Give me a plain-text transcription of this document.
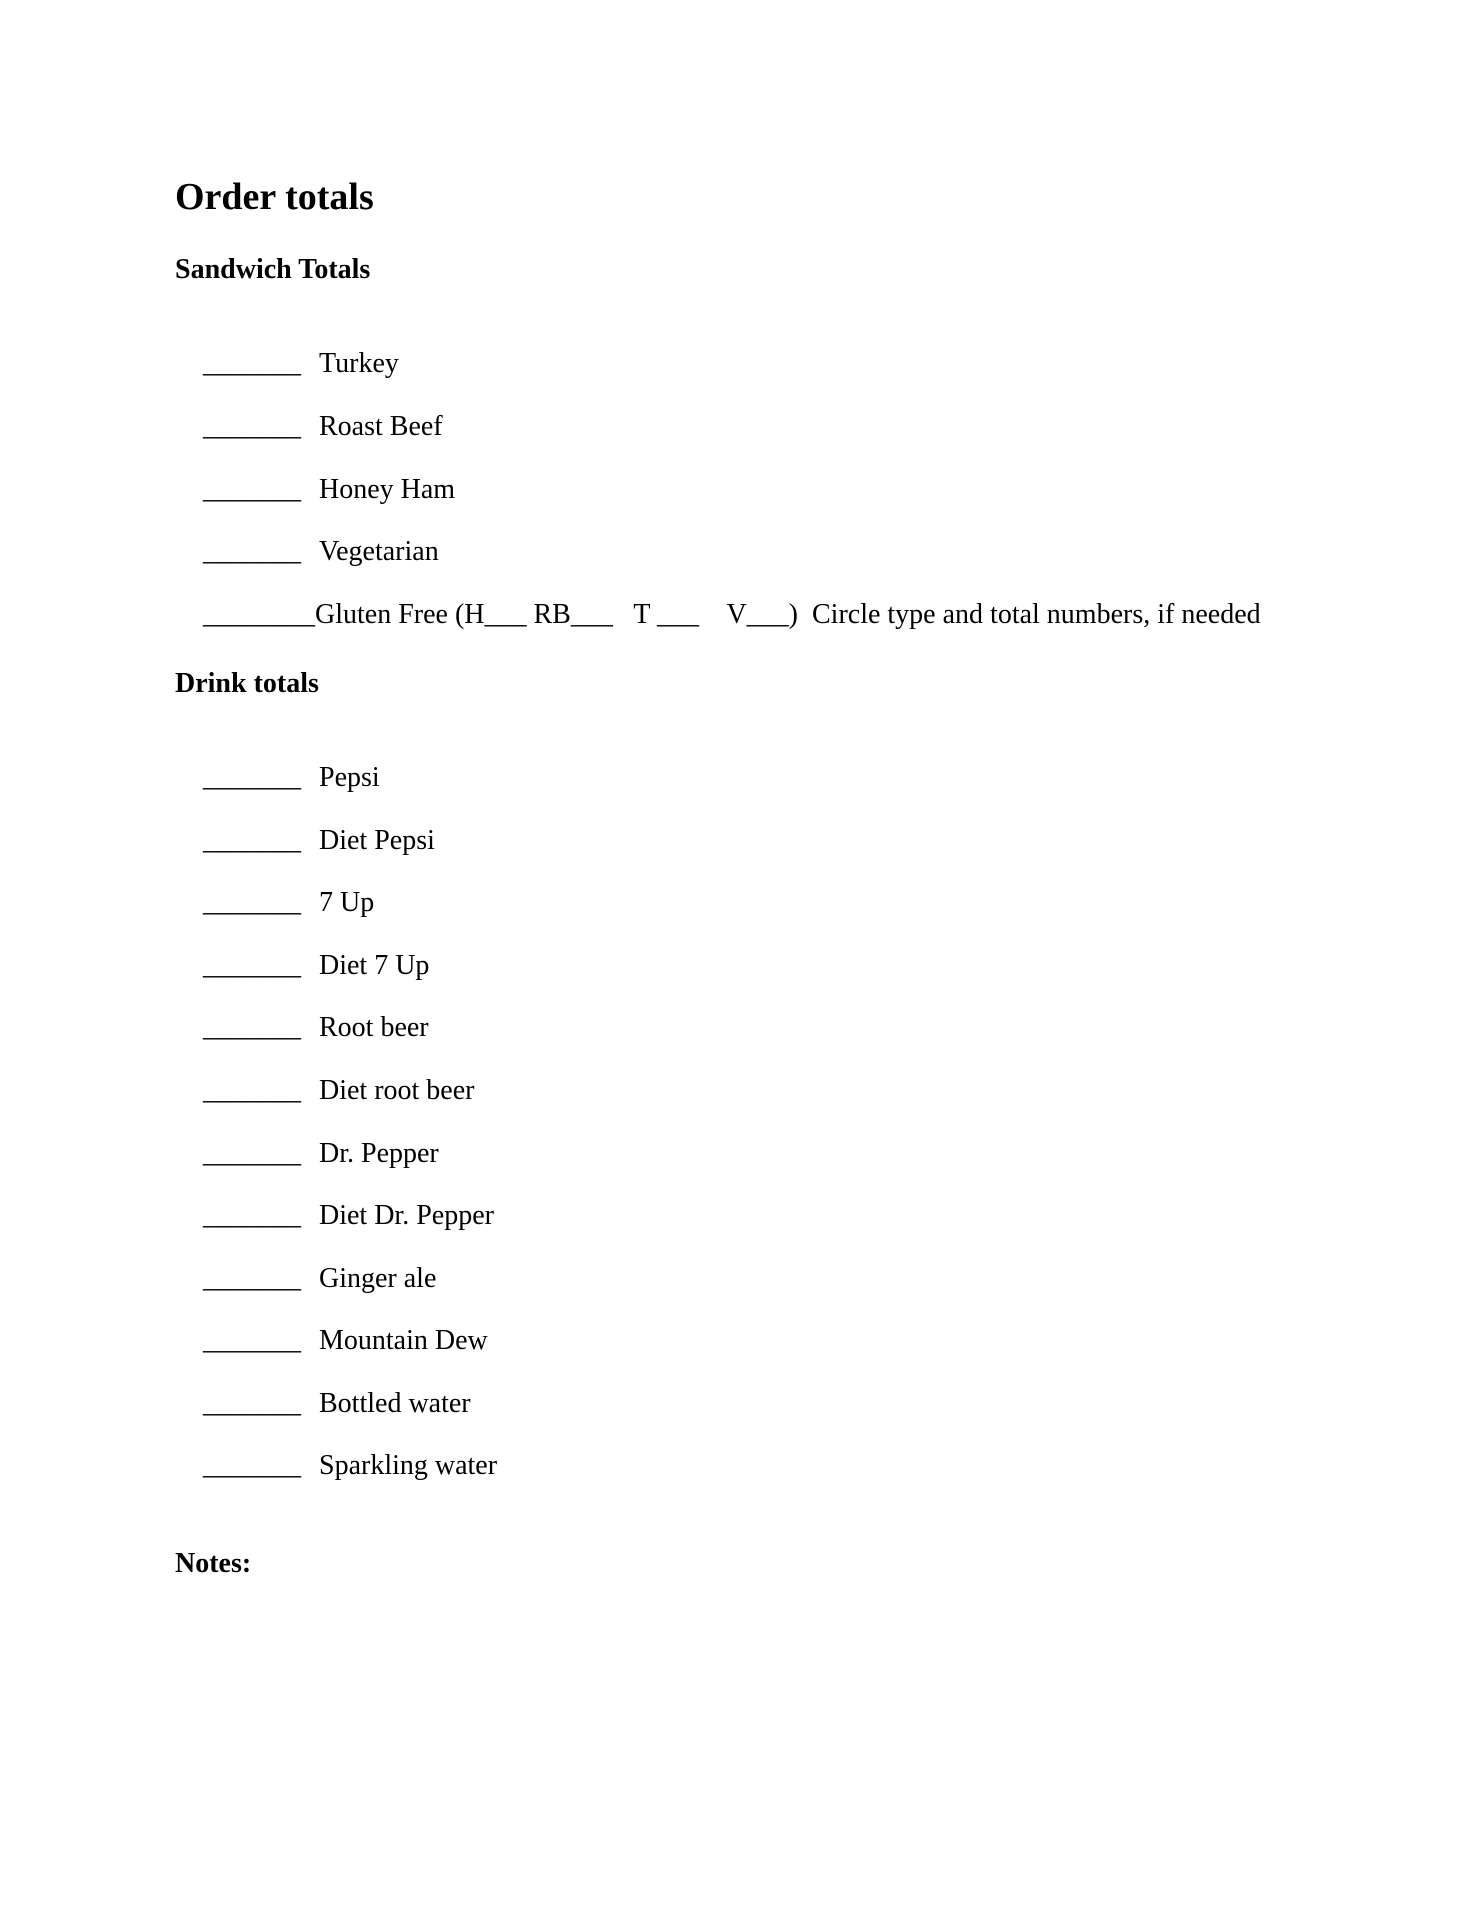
Order totals
Sandwich Totals

_______ Turkey

_______ Roast Beef

_______ Honey Ham

_______ Vegetarian

________Gluten Free (H___ RB___   T ___    V___)  Circle type and total numbers, if needed

Drink totals

_______ Pepsi

_______ Diet Pepsi

_______ 7 Up

_______ Diet 7 Up

_______ Root beer

_______ Diet root beer

_______ Dr. Pepper

_______ Diet Dr. Pepper

_______ Ginger ale

_______ Mountain Dew

_______ Bottled water

_______ Sparkling water

Notes:
